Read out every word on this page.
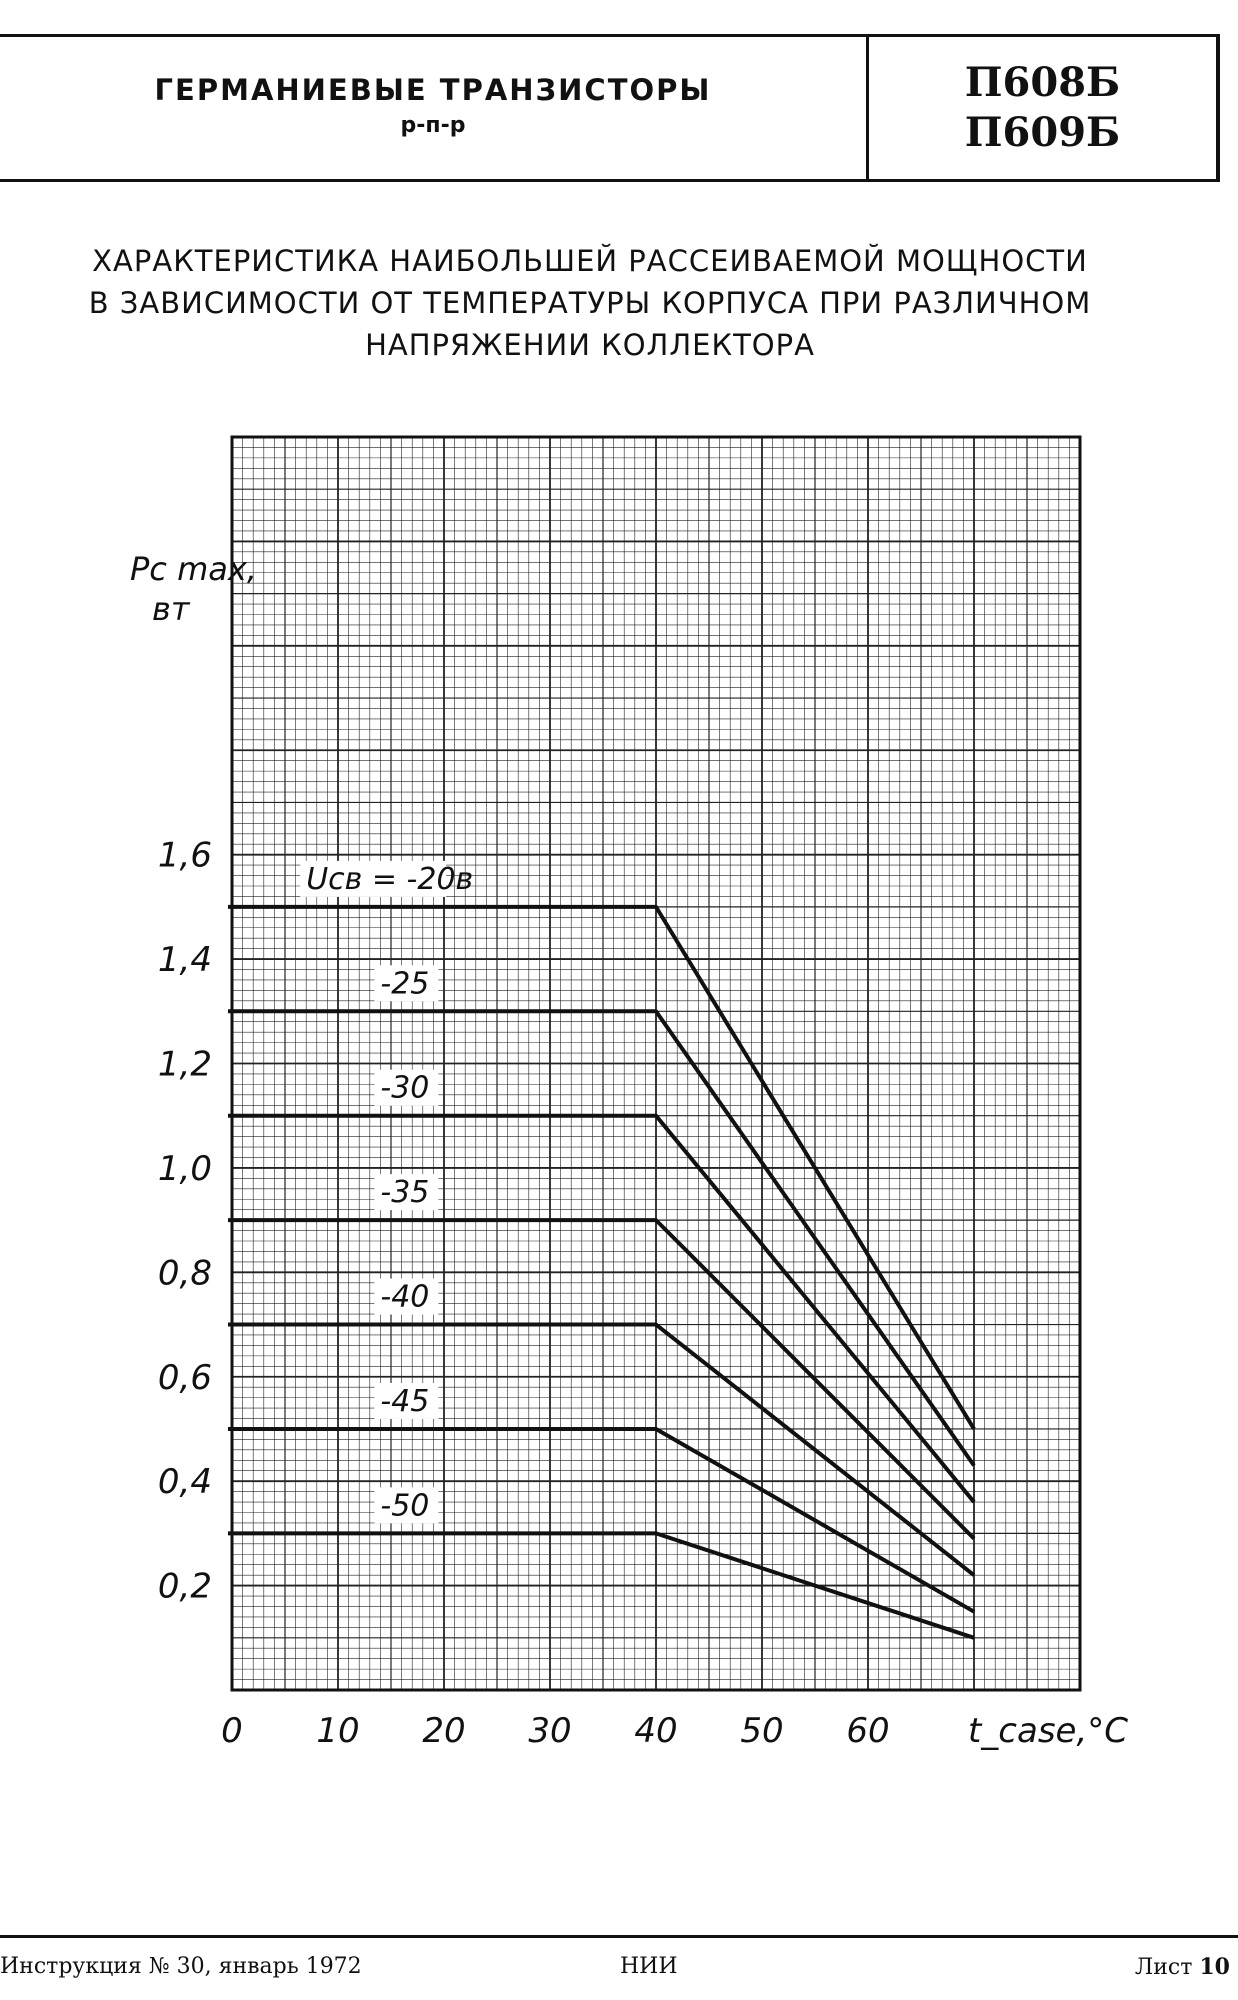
ГЕРМАНИЕВЫЕ ТРАНЗИСТОРЫ
р-п-р
П608Б
П609Б
ХАРАКТЕРИСТИКА НАИБОЛЬШЕЙ РАССЕИВАЕМОЙ МОЩНОСТИ
В ЗАВИСИМОСТИ ОТ ТЕМПЕРАТУРЫ КОРПУСА ПРИ РАЗЛИЧНОМ
НАПРЯЖЕНИИ КОЛЛЕКТОРА
Uсв = -20в
-25
-30
-35
-40
-45
-50
0,2
0,4
0,6
0,8
1,0
1,2
1,4
1,6
0 10 20 30 40 50 60 t_case,°C
Pc max,
вт
Инструкция № 30, январь 1972	НИИ	Лист 10
